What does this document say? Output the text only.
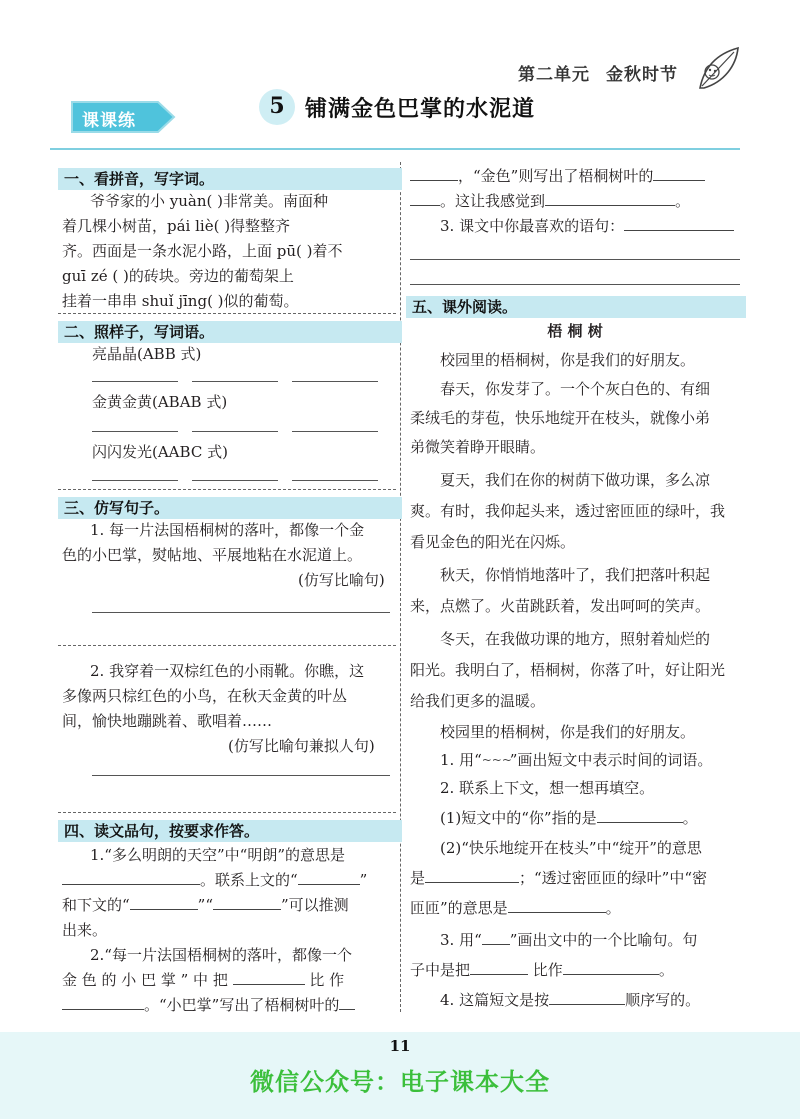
第二单元 金秋时节
课课练
5 铺满金色巴掌的水泥道
一、看拼音，写字词。
爷爷家的小 yuàn( )非常美。南面种
着几棵小树苗，pái liè( )得整整齐
齐。西面是一条水泥小路，上面 pū( )着不
guī zé ( )的砖块。旁边的葡萄架上
挂着一串串 shuǐ jīng( )似的葡萄。
二、照样子，写词语。
亮晶晶(ABB 式)
金黄金黄(ABAB 式)
闪闪发光(AABC 式)
三、仿写句子。
1. 每一片法国梧桐树的落叶，都像一个金
色的小巴掌，熨帖地、平展地粘在水泥道上。
(仿写比喻句)
2. 我穿着一双棕红色的小雨靴。你瞧，这
多像两只棕红色的小鸟，在秋天金黄的叶丛
间，愉快地蹦跳着、歌唱着……
(仿写比喻句兼拟人句)
四、读文品句，按要求作答。
1.“多么明朗的天空”中“明朗”的意思是
。联系上文的“	”
和下文的“	”“	”可以推测
出来。
2.“每一片法国梧桐树的落叶，都像一个
金 色 的 小 巴 掌 ” 中 把	比 作
。“小巴掌”写出了梧桐树叶的
，“金色”则写出了梧桐树叶的
。这让我感觉到	。
3. 课文中你最喜欢的语句：
五、课外阅读。
梧 桐 树
校园里的梧桐树，你是我们的好朋友。
春天，你发芽了。一个个灰白色的、有细
柔绒毛的芽苞，快乐地绽开在枝头，就像小弟
弟微笑着睁开眼睛。
夏天，我们在你的树荫下做功课，多么凉
爽。有时，我仰起头来，透过密匝匝的绿叶，我
看见金色的阳光在闪烁。
秋天，你悄悄地落叶了，我们把落叶积起
来，点燃了。火苗跳跃着，发出呵呵的笑声。
冬天，在我做功课的地方，照射着灿烂的
阳光。我明白了，梧桐树，你落了叶，好让阳光
给我们更多的温暖。
校园里的梧桐树，你是我们的好朋友。
1. 用“~~~”画出短文中表示时间的词语。
2. 联系上下文，想一想再填空。
(1)短文中的“你”指的是	。
(2)“快乐地绽开在枝头”中“绽开”的意思
是	；“透过密匝匝的绿叶”中“密
匝匝”的意思是	。
3. 用“ ”画出文中的一个比喻句。句
子中是把	比作	。
4. 这篇短文是按	顺序写的。
11
微信公众号：电子课本大全
